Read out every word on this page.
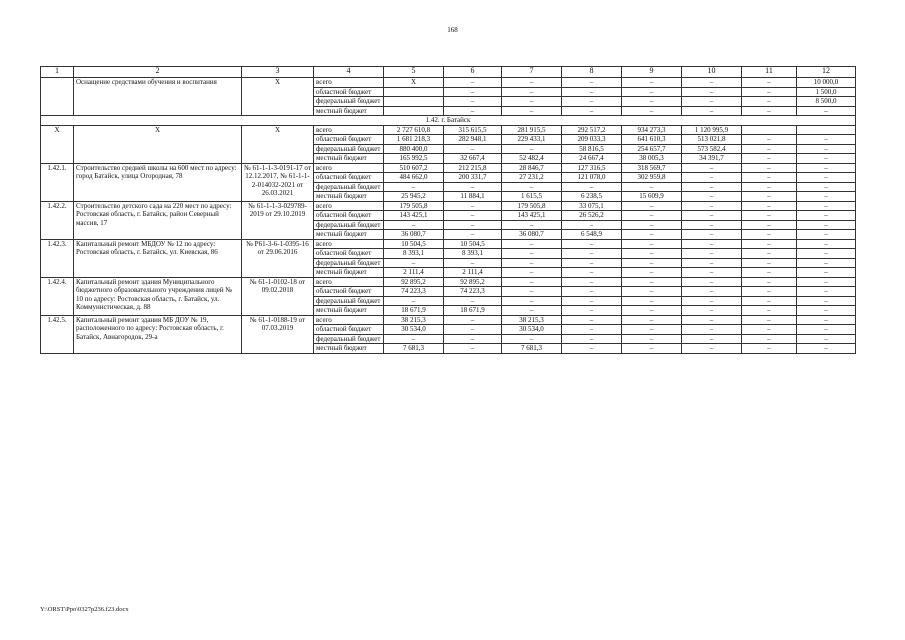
168
1	2	3	4	5	6	7	8	9	10	11	12
	Оснащение средствами обучения и воспитания	X	всего	X	–	–	–	–	–	–	10 000,0
			областной бюджет		–	–	–	–	–	–	1 500,0
			федеральный бюджет		–	–	–	–	–	–	8 500,0
			местный бюджет		–	–	–	–	–	–	–
1.42. г. Батайск											
X	X	X	всего	2 727 610,8	315 615,5	281 915,5	292 517,2	934 273,3	1 120 995,9		
			областной бюджет	1 681 218,3	282 948,1	229 433,1	209 033,3	641 610,3	513 021,8	–	–
			федеральный бюджет	880 400,0	–	–	58 816,5	254 657,7	573 582,4	–	–
			местный бюджет	165 992,5	32 667,4	52 482,4	24 667,4	38 005,3	34 391,7	–	–
1.42.1.	Строительство средней школы на 600 мест по адресу: город Батайск, улица Огородная, 78	№ 61-1-1-3-0191-17 от 12.12.2017, № 61-1-1-2-014032-2021 от 26.03.2021	всего	510 607,2	212 215,8	28 846,7	127 316,5	318 569,7	–	–	–
			областной бюджет	484 662,0	200 331,7	27 231,2	121 078,0	302 959,8	–	–	–
			федеральный бюджет	–	–	–	–	–	–	–	–
			местный бюджет	25 945,2	11 884,1	1 615,5	6 238,5	15 609,9	–	–	–
1.42.2.	Строительство детского сада на 220 мест по адресу: Ростовская область, г. Батайск, район Северный массив, 17	№ 61-1-1-3-029789-2019 от 29.10.2019	всего	179 505,8	–	179 505,8	33 075,1	–	–	–	–
			областной бюджет	143 425,1	–	143 425,1	26 526,2	–	–	–	–
			федеральный бюджет	–	–	–	–	–	–	–	–
			местный бюджет	36 080,7	–	36 080,7	6 548,9	–	–	–	–
1.42.3.	Капитальный ремонт МБДОУ № 12 по адресу: Ростовская область, г. Батайск, ул. Киевская, 86	№ Р61-3-6-1-0395-16 от 29.06.2016	всего	10 504,5	10 504,5	–	–	–	–	–	–
			областной бюджет	8 393,1	8 393,1	–	–	–	–	–	–
			федеральный бюджет	–	–	–	–	–	–	–	–
			местный бюджет	2 111,4	2 111,4	–	–	–	–	–	–
1.42.4.	Капитальный ремонт здания Муниципального бюджетного образовательного учреждения лицей № 10 по адресу: Ростовская область, г. Батайск, ул. Коммунистическая, д. 88	№ 61-1-0102-18 от 09.02.2018	всего	92 895,2	92 895,2	–	–	–	–	–	–
			областной бюджет	74 223,3	74 223,3	–	–	–	–	–	–
			федеральный бюджет	–	–	–	–	–	–	–	–
			местный бюджет	18 671,9	18 671,9	–	–	–	–	–	–
1.42.5.	Капитальный ремонт здания МБ ДОУ № 19, расположенного по адресу: Ростовская область, г. Батайск, Авиагородок, 29-а	№ 61-1-0188-19 от 07.03.2019	всего	38 215,3	–	38 215,3	–	–	–	–	–
			областной бюджет	30 534,0	–	30 534,0	–	–	–	–	–
			федеральный бюджет	–	–	–	–	–	–	–	–
			местный бюджет	7 681,3	–	7 681,3	–	–	–	–	–
Y:\ORST\Ppo\0327p236.f23.docx
